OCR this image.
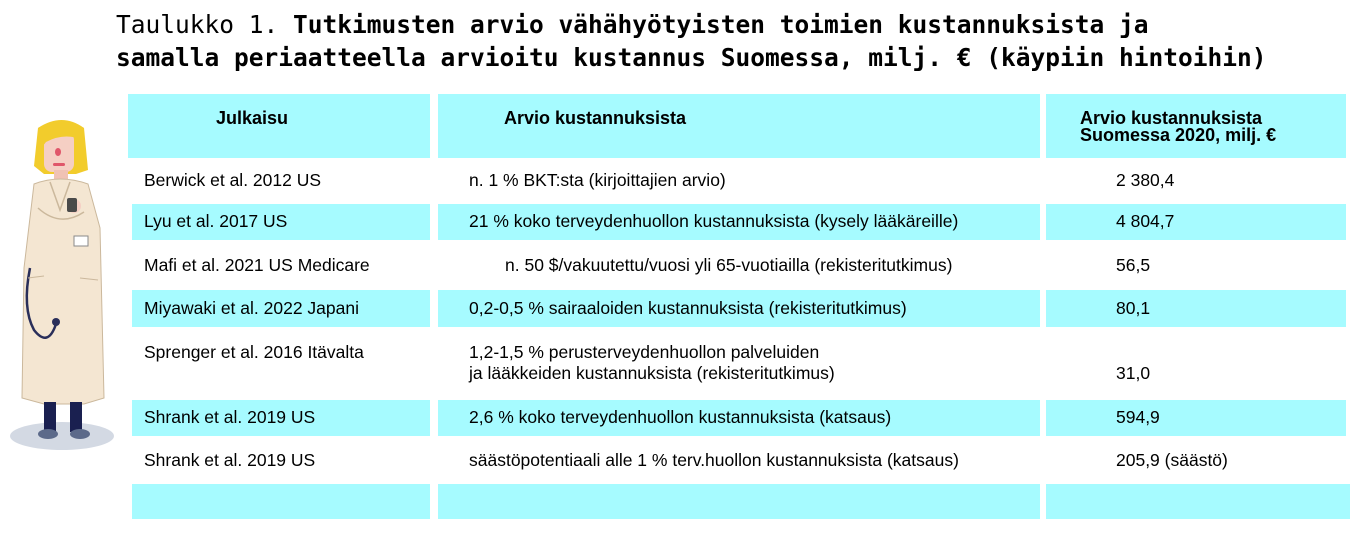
Taulukko 1. Tutkimusten arvio vähähyötyisten toimien kustannuksista ja
samalla periaatteella arvioitu kustannus Suomessa, milj. € (käypiin hintoihin)
Julkaisu	Arvio kustannuksista	Arvio kustannuksista
Suomessa 2020, milj. €
Berwick et al. 2012 US	n. 1 % BKT:sta (kirjoittajien arvio)	2 380,4
Lyu et al. 2017 US	21 % koko terveydenhuollon kustannuksista (kysely lääkäreille)	4 804,7
Mafi et al. 2021 US Medicare	n. 50 $/vakuutettu/vuosi yli 65-vuotiailla (rekisteritutkimus)	56,5
Miyawaki et al. 2022 Japani	0,2-0,5 % sairaaloiden kustannuksista (rekisteritutkimus)	80,1
Sprenger et al. 2016 Itävalta	1,2-1,5 % perusterveydenhuollon palveluiden
ja lääkkeiden kustannuksista (rekisteritutkimus)	31,0
Shrank et al. 2019 US	2,6 % koko terveydenhuollon kustannuksista (katsaus)	594,9
Shrank et al. 2019 US	säästöpotentiaali alle 1 % terv.huollon kustannuksista (katsaus)	205,9 (säästö)
